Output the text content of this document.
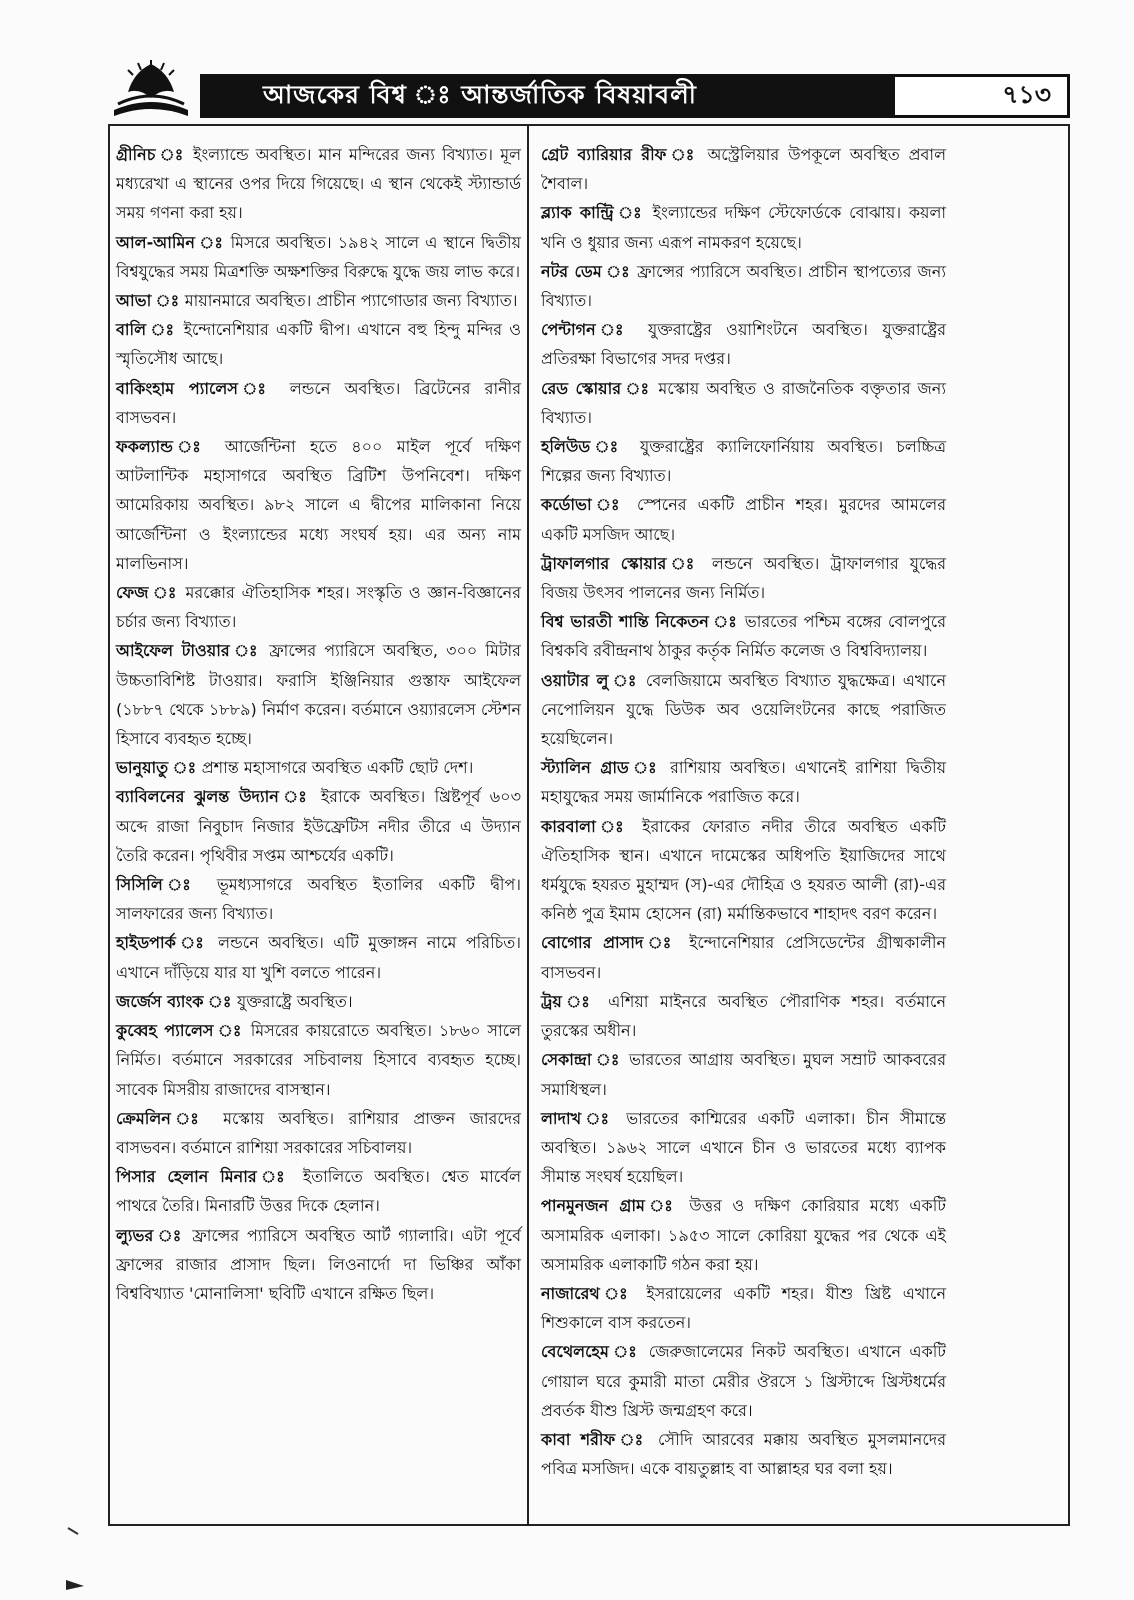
আজকের বিশ্ব ঃ আন্তর্জাতিক বিষয়াবলী	৭১৩

গ্রীনিচ ঃ ইংল্যান্ডে অবস্থিত। মান মন্দিরের জন্য বিখ্যাত। মূল মধ্যরেখা এ স্থানের ওপর দিয়ে গিয়েছে। এ স্থান থেকেই স্ট্যান্ডার্ড সময় গণনা করা হয়।

আল-আমিন ঃ মিসরে অবস্থিত। ১৯৪২ সালে এ স্থানে দ্বিতীয় বিশ্বযুদ্ধের সময় মিত্রশক্তি অক্ষশক্তির বিরুদ্ধে যুদ্ধে জয় লাভ করে।

আভা ঃ মায়ানমারে অবস্থিত। প্রাচীন প্যাগোডার জন্য বিখ্যাত।

বালি ঃ ইন্দোনেশিয়ার একটি দ্বীপ। এখানে বহু হিন্দু মন্দির ও স্মৃতিসৌধ আছে।

বাকিংহাম প্যালেস ঃ লন্ডনে অবস্থিত। ব্রিটেনের রানীর বাসভবন।

ফকল্যান্ড ঃ আর্জেন্টিনা হতে ৪০০ মাইল পূর্বে দক্ষিণ আটলান্টিক মহাসাগরে অবস্থিত ব্রিটিশ উপনিবেশ। দক্ষিণ আমেরিকায় অবস্থিত। ৯৮২ সালে এ দ্বীপের মালিকানা নিয়ে আর্জেন্টিনা ও ইংল্যান্ডের মধ্যে সংঘর্ষ হয়। এর অন্য নাম মালভিনাস।

ফেজ ঃ মরক্কোর ঐতিহাসিক শহর। সংস্কৃতি ও জ্ঞান-বিজ্ঞানের চর্চার জন্য বিখ্যাত।

আইফেল টাওয়ার ঃ ফ্রান্সের প্যারিসে অবস্থিত, ৩০০ মিটার উচ্চতাবিশিষ্ট টাওয়ার। ফরাসি ইঞ্জিনিয়ার গুস্তাফ আইফেল (১৮৮৭ থেকে ১৮৮৯) নির্মাণ করেন। বর্তমানে ওয়্যারলেস স্টেশন হিসাবে ব্যবহৃত হচ্ছে।

ভানুয়াতু ঃ প্রশান্ত মহাসাগরে অবস্থিত একটি ছোট দেশ।

ব্যাবিলনের ঝুলন্ত উদ্যান ঃ ইরাকে অবস্থিত। খ্রিষ্টপূর্ব ৬০৩ অব্দে রাজা নিবুচাদ নিজার ইউফ্রেটিস নদীর তীরে এ উদ্যান তৈরি করেন। পৃথিবীর সপ্তম আশ্চর্যের একটি।

সিসিলি ঃ ভূমধ্যসাগরে অবস্থিত ইতালির একটি দ্বীপ। সালফারের জন্য বিখ্যাত।

হাইডপার্ক ঃ লন্ডনে অবস্থিত। এটি মুক্তাঙ্গন নামে পরিচিত। এখানে দাঁড়িয়ে যার যা খুশি বলতে পারেন।

জর্জেস ব্যাংক ঃ যুক্তরাষ্ট্রে অবস্থিত।

কুব্বেহ প্যালেস ঃ মিসরের কায়রোতে অবস্থিত। ১৮৬০ সালে নির্মিত। বর্তমানে সরকারের সচিবালয় হিসাবে ব্যবহৃত হচ্ছে। সাবেক মিসরীয় রাজাদের বাসস্থান।

ক্রেমলিন ঃ মস্কোয় অবস্থিত। রাশিয়ার প্রাক্তন জারদের বাসভবন। বর্তমানে রাশিয়া সরকারের সচিবালয়।

পিসার হেলান মিনার ঃ ইতালিতে অবস্থিত। শ্বেত মার্বেল পাথরে তৈরি। মিনারটি উত্তর দিকে হেলান।

ল্যুভর ঃ ফ্রান্সের প্যারিসে অবস্থিত আর্ট গ্যালারি। এটা পূর্বে ফ্রান্সের রাজার প্রাসাদ ছিল। লিওনার্দো দা ভিঞ্চির আঁকা বিশ্ববিখ্যাত 'মোনালিসা' ছবিটি এখানে রক্ষিত ছিল।

গ্রেট ব্যারিয়ার রীফ ঃ অস্ট্রেলিয়ার উপকূলে অবস্থিত প্রবাল শৈবাল।

ব্ল্যাক কান্ট্রি ঃ ইংল্যান্ডের দক্ষিণ স্টেফোর্ডকে বোঝায়। কয়লা খনি ও ধুয়ার জন্য এরূপ নামকরণ হয়েছে।

নটর ডেম ঃ ফ্রান্সের প্যারিসে অবস্থিত। প্রাচীন স্থাপত্যের জন্য বিখ্যাত।

পেন্টাগন ঃ যুক্তরাষ্ট্রের ওয়াশিংটনে অবস্থিত। যুক্তরাষ্ট্রের প্রতিরক্ষা বিভাগের সদর দপ্তর।

রেড স্কোয়ার ঃ মস্কোয় অবস্থিত ও রাজনৈতিক বক্তৃতার জন্য বিখ্যাত।

হলিউড ঃ যুক্তরাষ্ট্রের ক্যালিফোর্নিয়ায় অবস্থিত। চলচ্চিত্র শিল্পের জন্য বিখ্যাত।

কর্ডোভা ঃ স্পেনের একটি প্রাচীন শহর। মুরদের আমলের একটি মসজিদ আছে।

ট্রাফালগার স্কোয়ার ঃ লন্ডনে অবস্থিত। ট্রাফালগার যুদ্ধের বিজয় উৎসব পালনের জন্য নির্মিত।

বিশ্ব ভারতী শান্তি নিকেতন ঃ ভারতের পশ্চিম বঙ্গের বোলপুরে বিশ্বকবি রবীন্দ্রনাথ ঠাকুর কর্তৃক নির্মিত কলেজ ও বিশ্ববিদ্যালয়।

ওয়াটার লু ঃ বেলজিয়ামে অবস্থিত বিখ্যাত যুদ্ধক্ষেত্র। এখানে নেপোলিয়ন যুদ্ধে ডিউক অব ওয়েলিংটনের কাছে পরাজিত হয়েছিলেন।

স্ট্যালিন গ্রাড ঃ রাশিয়ায় অবস্থিত। এখানেই রাশিয়া দ্বিতীয় মহাযুদ্ধের সময় জার্মানিকে পরাজিত করে।

কারবালা ঃ ইরাকের ফোরাত নদীর তীরে অবস্থিত একটি ঐতিহাসিক স্থান। এখানে দামেস্কের অধিপতি ইয়াজিদের সাথে ধর্মযুদ্ধে হযরত মুহাম্মদ (স)-এর দৌহিত্র ও হযরত আলী (রা)-এর কনিষ্ঠ পুত্র ইমাম হোসেন (রা) মর্মান্তিকভাবে শাহাদৎ বরণ করেন।

বোগোর প্রাসাদ ঃ ইন্দোনেশিয়ার প্রেসিডেন্টের গ্রীষ্মকালীন বাসভবন।

ট্রয় ঃ এশিয়া মাইনরে অবস্থিত পৌরাণিক শহর। বর্তমানে তুরস্কের অধীন।

সেকান্দ্রা ঃ ভারতের আগ্রায় অবস্থিত। মুঘল সম্রাট আকবরের সমাধিস্থল।

লাদাখ ঃ ভারতের কাশ্মিরের একটি এলাকা। চীন সীমান্তে অবস্থিত। ১৯৬২ সালে এখানে চীন ও ভারতের মধ্যে ব্যাপক সীমান্ত সংঘর্ষ হয়েছিল।

পানমুনজন গ্রাম ঃ উত্তর ও দক্ষিণ কোরিয়ার মধ্যে একটি অসামরিক এলাকা। ১৯৫৩ সালে কোরিয়া যুদ্ধের পর থেকে এই অসামরিক এলাকাটি গঠন করা হয়।

নাজারেথ ঃ ইসরায়েলের একটি শহর। যীশু খ্রিষ্ট এখানে শিশুকালে বাস করতেন।

বেথেলহেম ঃ জেরুজালেমের নিকট অবস্থিত। এখানে একটি গোয়াল ঘরে কুমারী মাতা মেরীর ঔরসে ১ খ্রিস্টাব্দে খ্রিস্টধর্মের প্রবর্তক যীশু খ্রিস্ট জন্মগ্রহণ করে।

কাবা শরীফ ঃ সৌদি আরবের মক্কায় অবস্থিত মুসলমানদের পবিত্র মসজিদ। একে বায়তুল্লাহ বা আল্লাহর ঘর বলা হয়।
